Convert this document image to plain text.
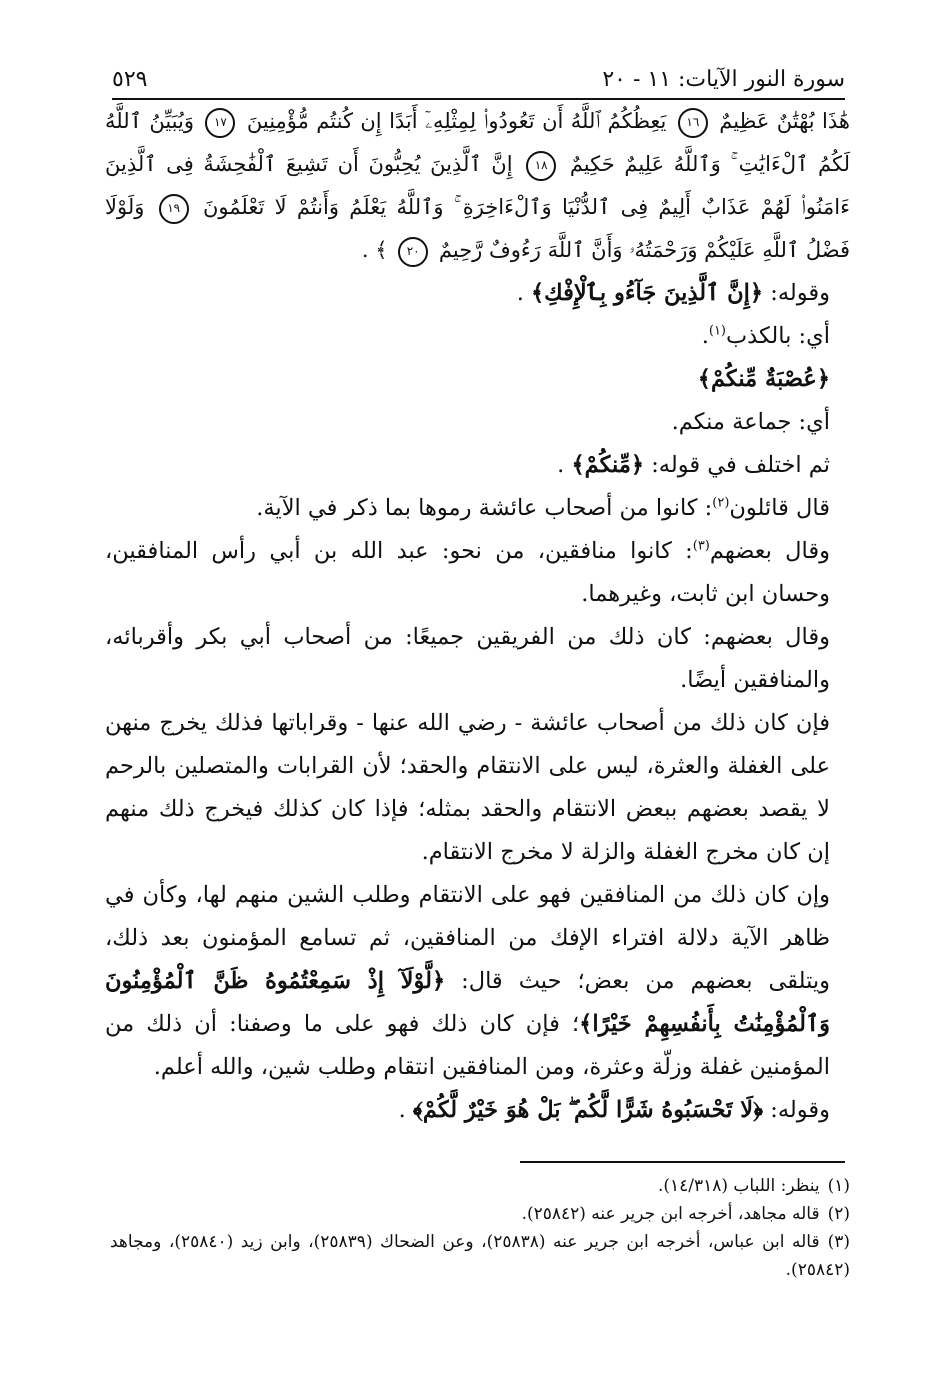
سورة النور الآيات: ١١ - ٢٠
٥٢٩

هَٰذَا بُهْتَٰنٌ عَظِيمٌ ١٦ يَعِظُكُمُ ٱللَّهُ أَن تَعُودُوا۟ لِمِثْلِهِۦٓ أَبَدًا إِن كُنتُم مُّؤْمِنِينَ ١٧ وَيُبَيِّنُ ٱللَّهُ لَكُمُ ٱلْءَايَٰتِ ۚ وَٱللَّهُ عَلِيمٌ حَكِيمٌ ١٨ إِنَّ ٱلَّذِينَ يُحِبُّونَ أَن تَشِيعَ ٱلْفَٰحِشَةُ فِى ٱلَّذِينَ ءَامَنُوا۟ لَهُمْ عَذَابٌ أَلِيمٌ فِى ٱلدُّنْيَا وَٱلْءَاخِرَةِ ۚ وَٱللَّهُ يَعْلَمُ وَأَنتُمْ لَا تَعْلَمُونَ ١٩ وَلَوْلَا فَضْلُ ٱللَّهِ عَلَيْكُمْ وَرَحْمَتُهُۥ وَأَنَّ ٱللَّهَ رَءُوفٌ رَّحِيمٌ ٢٠ ﴾ .

وقوله: ﴿إِنَّ ٱلَّذِينَ جَآءُو بِٱلْإِفْكِ﴾ .

أي: بالكذب$^{(١)}$.

﴿عُصْبَةٌ مِّنكُمْ﴾

أي: جماعة منكم.

ثم اختلف في قوله: ﴿مِّنكُمْ﴾ .

قال قائلون$^{(٢)}$: كانوا من أصحاب عائشة رموها بما ذكر في الآية.

وقال بعضهم$^{(٣)}$: كانوا منافقين، من نحو: عبد الله بن أبي رأس المنافقين، وحسان ابن ثابت، وغيرهما.

وقال بعضهم: كان ذلك من الفريقين جميعًا: من أصحاب أبي بكر وأقربائه، والمنافقين أيضًا.

فإن كان ذلك من أصحاب عائشة - رضي الله عنها - وقراباتها فذلك يخرج منهن على الغفلة والعثرة، ليس على الانتقام والحقد؛ لأن القرابات والمتصلين بالرحم لا يقصد بعضهم ببعض الانتقام والحقد بمثله؛ فإذا كان كذلك فيخرج ذلك منهم إن كان مخرج الغفلة والزلة لا مخرج الانتقام.

وإن كان ذلك من المنافقين فهو على الانتقام وطلب الشين منهم لها، وكأن في ظاهر الآية دلالة افتراء الإفك من المنافقين، ثم تسامع المؤمنون بعد ذلك، ويتلقى بعضهم من بعض؛ حيث قال: ﴿لَّوْلَآ إِذْ سَمِعْتُمُوهُ ظَنَّ ٱلْمُؤْمِنُونَ وَٱلْمُؤْمِنَٰتُ بِأَنفُسِهِمْ خَيْرًا﴾؛ فإن كان ذلك فهو على ما وصفنا: أن ذلك من المؤمنين غفلة وزلّة وعثرة، ومن المنافقين انتقام وطلب شين، والله أعلم.

وقوله: ﴿لَا تَحْسَبُوهُ شَرًّا لَّكُم ۖ بَلْ هُوَ خَيْرٌ لَّكُمْ﴾ .

(١)ينظر: اللباب (١٤/٣١٨).

(٢)قاله مجاهد، أخرجه ابن جرير عنه (٢٥٨٤٢).

(٣)قاله ابن عباس، أخرجه ابن جرير عنه (٢٥٨٣٨)، وعن الضحاك (٢٥٨٣٩)، وابن زيد (٢٥٨٤٠)، ومجاهد (٢٥٨٤٢).
